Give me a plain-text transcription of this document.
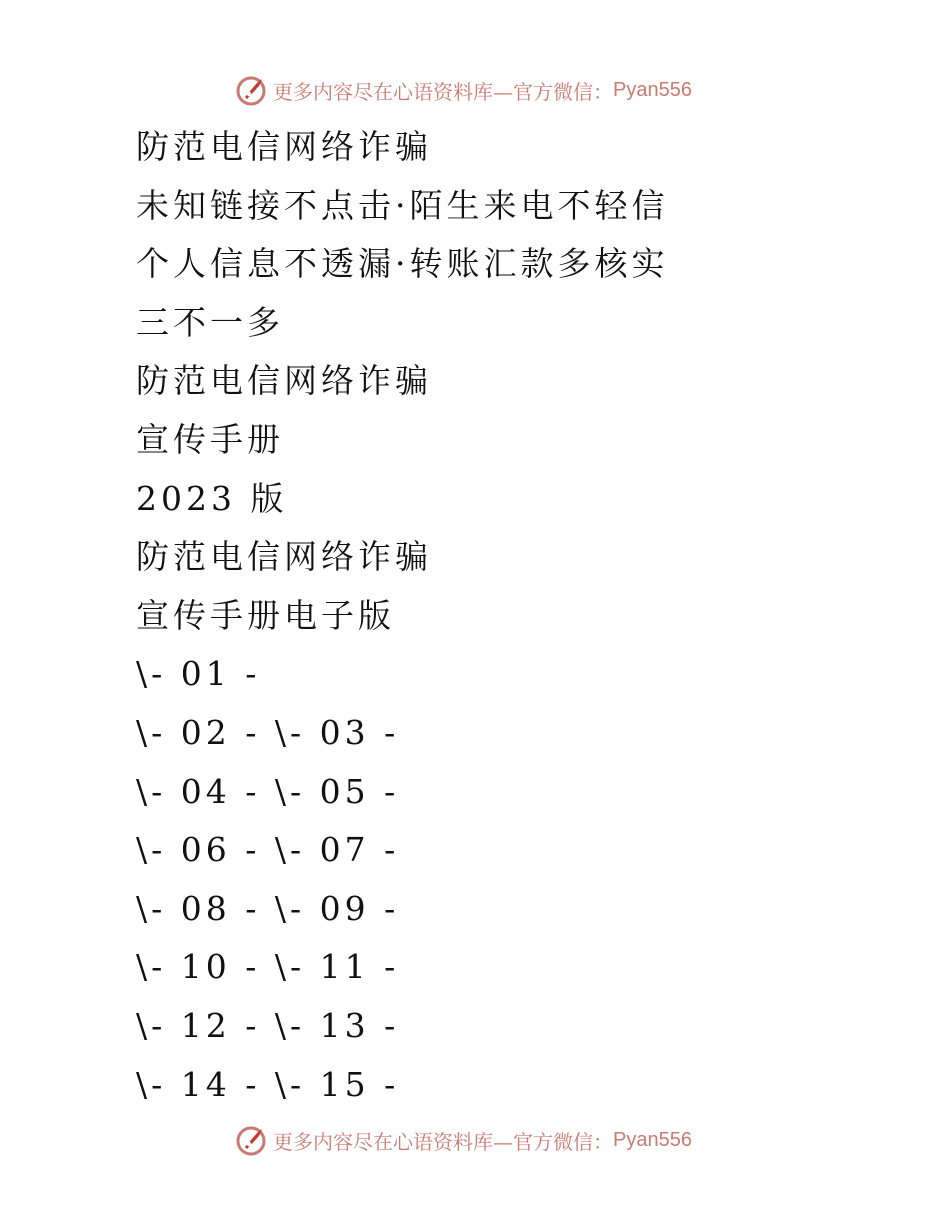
更多内容尽在心语资料库—官方微信： Pyan556

防范电信网络诈骗

未知链接不点击·陌生来电不轻信

个人信息不透漏·转账汇款多核实

三不一多

防范电信网络诈骗

宣传手册

2023 版

防范电信网络诈骗

宣传手册电子版

\- 01 -

\- 02 - \- 03 -

\- 04 - \- 05 -

\- 06 - \- 07 -

\- 08 - \- 09 -

\- 10 - \- 11 -

\- 12 - \- 13 -

\- 14 - \- 15 -

更多内容尽在心语资料库—官方微信： Pyan556
